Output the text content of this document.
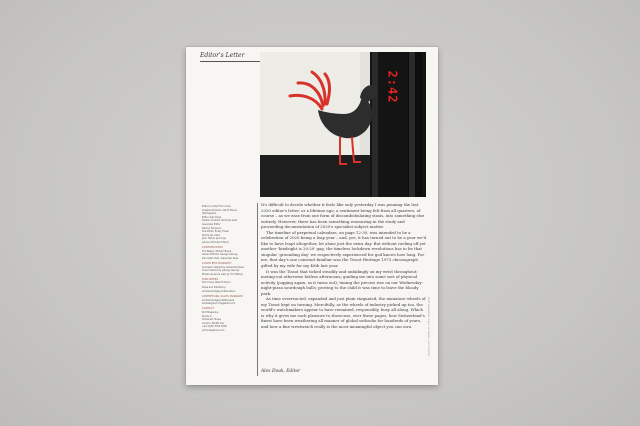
Editor's Letter
2:42
Editor-in-Chief Tom Cross
Creative Director Astrid Stavro
(Pentagram)
Editor Alex Doak
Fashion Director Nicholas Gold
Associate Editor
Nadine Ferguson
Sub-Editor Kristy Fraser
Words Jan Chee
John Harris, Jennings
Lauren McCulloch-Nicol
CONTRIBUTORS
Tim Bailey, William Brace,
Adrian Edsholt, George Garvey,
Dan Koski Vlad, Alexander Rose
COVER PHOTOGRAPHY
Sunbeam (Styled by Alexander Rose
Cover feature by George Garvey
Model Laurence Lab) by Tim Bishop
PUBLISHERS
Tom Cross, Mark Holburn
Press and Publishing
Andrew Dodgley Publications
ADVERTISING SALES MANAGER
Andrew Dodgley Pettengrell
andrew@port-magazine.com
CONTACT
Port Magazine
Studio 2,
Somerset House
London, WC2R 1LA
+44 (0)20 3764 4000
port-magazine.com

It's difficult to decide whether it feels like only yesterday I was penning the last 2020 editor's letter, or a lifetime ago; a sentiment being felt from all quarters, of course – as we ease from one form of discombobulating stasis, into something else entirely. However, there has been something reassuring in the study and proceeding documentation of 2020's specialist subject matter.

The timeline of perpetual calendars, on page 12-30, was intended to be a celebration of 2020 being a leap year – and, yes, it has turned out to be a year we'd like to have leapt altogether, let alone just the extra day. But without reeling off yet another 'hindsight is 20:20' gag, the timeless lockdown revolutions has to be that singular 'grounding day' we respectively experienced for god knows how long. For me, that day's one constant familiar was the Tissot Heritage 1973 chronograph gifted by my wife for my 40th last year.

It was the Tissot that ticked steadily and unfailingly on my wrist throughout; meting-out otherwise listless afternoons; guiding me into some sort of physical activity (jogging again, as it turns out); timing the precise rise on our Wednesday-night-pizza sourdough balls; proving to the child it was time to leave the bloody park.

As time overreacted, expanded and just plain stagnated, the miniature wheels of my Tissot kept on turning. Mercifully, as the wheels of industry picked up too, the world's watchmakers appear to have remained, responsibly, busy all along. Which is why it gives me such pleasure to showcase, over these pages, how Switzerland's finest have been weathering all manner of global setbacks for hundreds of years, and how a fine wristwatch really is the most meaningful object you can own.

Alex Doak, Editor
PORT MAGAZINE ISSUE 28 WATCH SUPPLEMENT
